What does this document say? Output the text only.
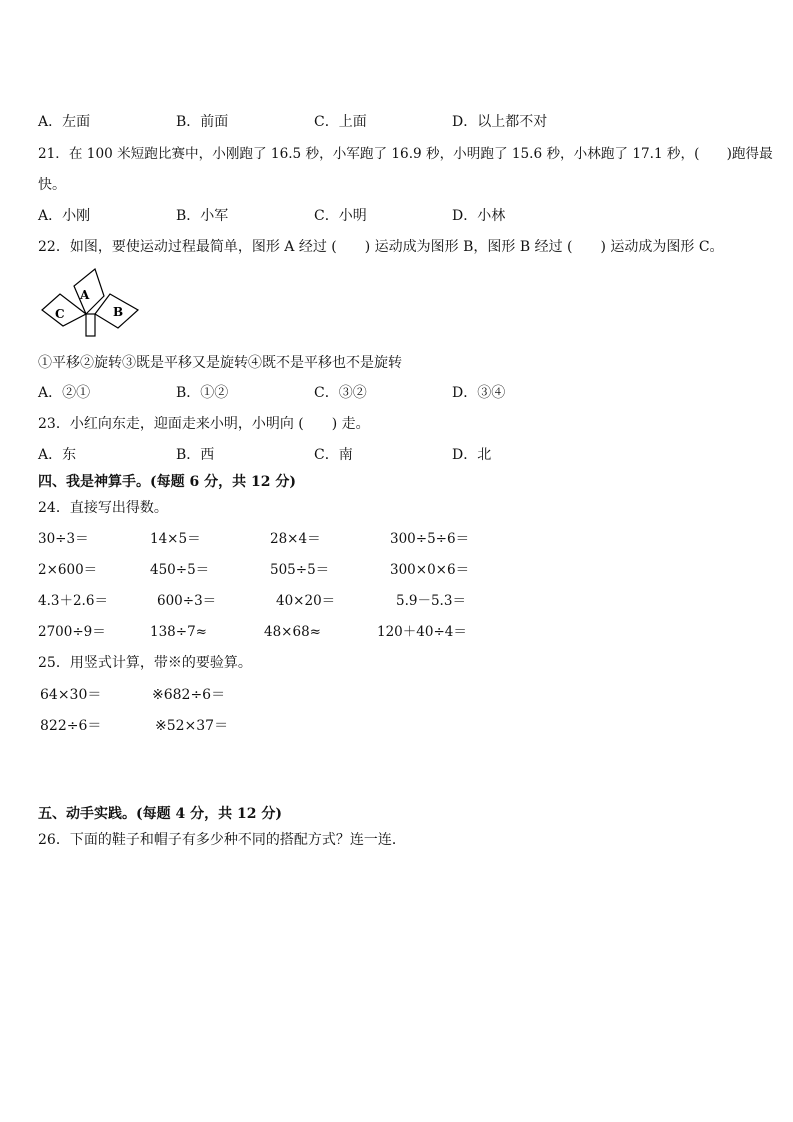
A．左面	B．前面	C．上面	D．以上都不对
21．在 100 米短跑比赛中，小刚跑了 16.5 秒，小军跑了 16.9 秒，小明跑了 15.6 秒，小林跑了 17.1 秒，(　　)跑得最
快。
A．小刚	B．小军	C．小明	D．小林
22．如图，要使运动过程最简单，图形 A 经过 (　　) 运动成为图形 B，图形 B 经过 (　　) 运动成为图形 C。
A
B
C
①平移②旋转③既是平移又是旋转④既不是平移也不是旋转
A．②①	B．①②	C．③②	D．③④
23．小红向东走，迎面走来小明，小明向 (　　) 走。
A．东	B．西	C．南	D．北
四、我是神算手。(每题 6 分，共 12 分)
24．直接写出得数。
30÷3＝	14×5＝	28×4＝	300÷5÷6＝
2×600＝	450÷5＝	505÷5＝	300×0×6＝
4.3＋2.6＝	600÷3＝	40×20＝	5.9－5.3＝
2700÷9＝	138÷7≈	48×68≈	120＋40÷4＝
25．用竖式计算，带※的要验算。
64×30＝	※682÷6＝
822÷6＝	※52×37＝
五、动手实践。(每题 4 分，共 12 分)
26．下面的鞋子和帽子有多少种不同的搭配方式？连一连．
